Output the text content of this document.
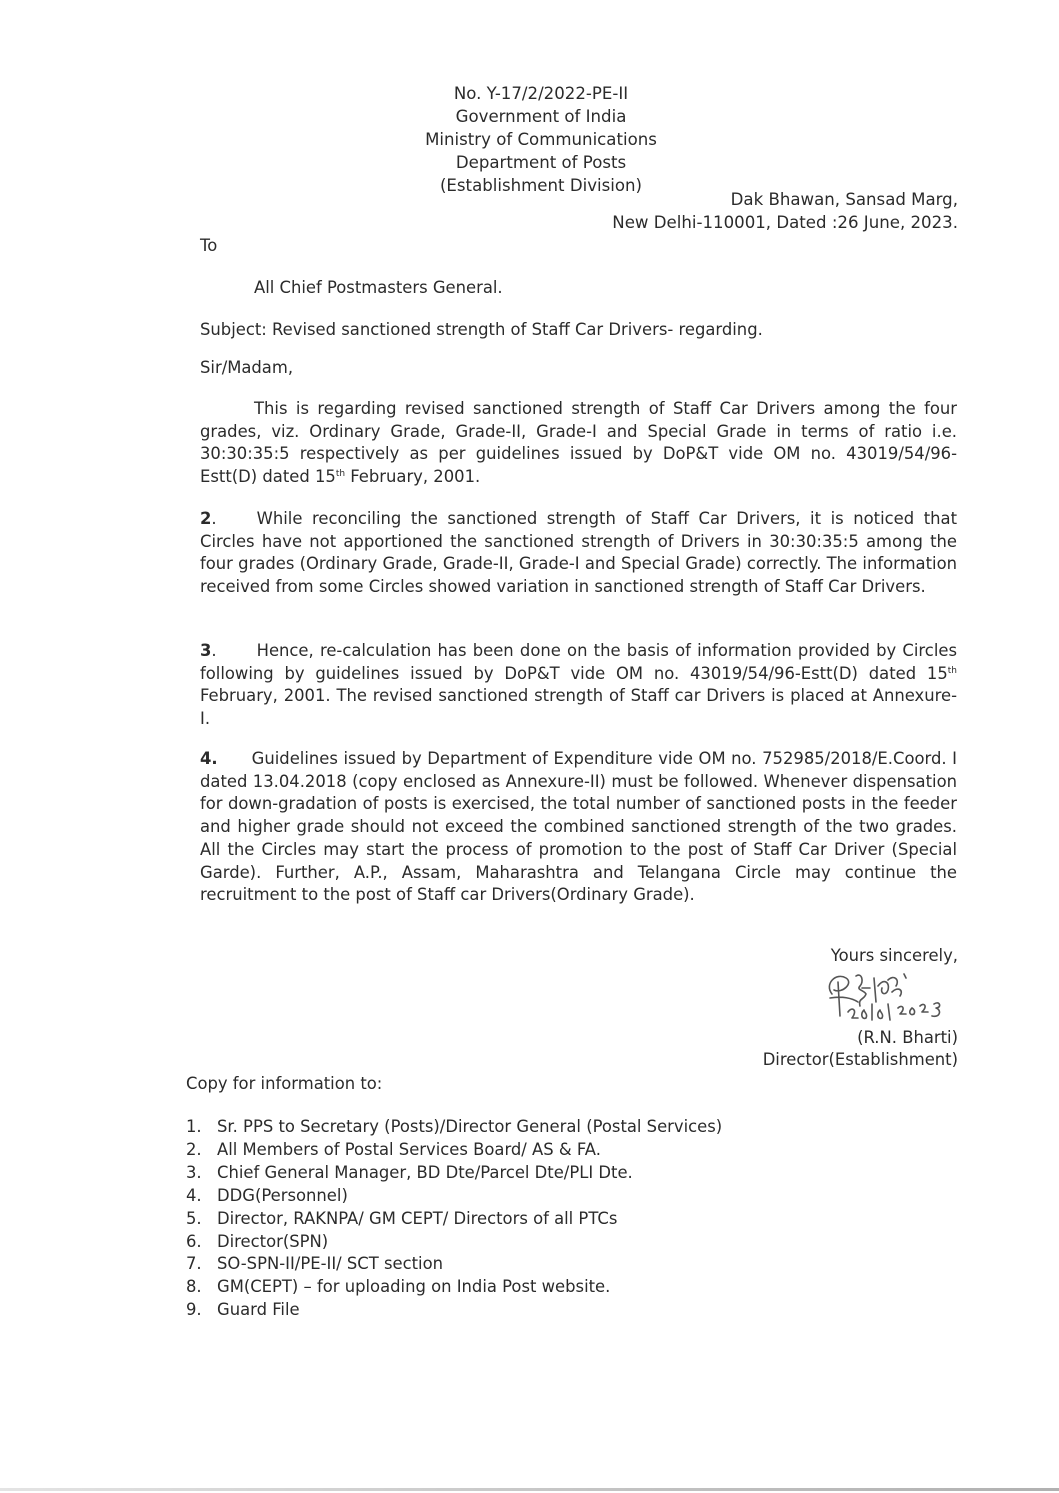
No. Y-17/2/2022-PE-II
Government of India
Ministry of Communications
Department of Posts
(Establishment Division)
Dak Bhawan, Sansad Marg,
New Delhi-110001, Dated :26 June, 2023.
To
All Chief Postmasters General.
Subject: Revised sanctioned strength of Staff Car Drivers- regarding.
Sir/Madam,
This is regarding revised sanctioned strength of Staff Car Drivers among the four grades, viz. Ordinary Grade, Grade-II, Grade-I and Special Grade in terms of ratio i.e. 30:30:35:5 respectively as per guidelines issued by DoP&T vide OM no. 43019/54/96-Estt(D) dated 15th February, 2001.
2. While reconciling the sanctioned strength of Staff Car Drivers, it is noticed that Circles have not apportioned the sanctioned strength of Drivers in 30:30:35:5 among the four grades (Ordinary Grade, Grade-II, Grade-I and Special Grade) correctly. The information received from some Circles showed variation in sanctioned strength of Staff Car Drivers.
3. Hence, re-calculation has been done on the basis of information provided by Circles following by guidelines issued by DoP&T vide OM no. 43019/54/96-Estt(D) dated 15th February, 2001. The revised sanctioned strength of Staff car Drivers is placed at Annexure-I.
4. Guidelines issued by Department of Expenditure vide OM no. 752985/2018/E.Coord. I dated 13.04.2018 (copy enclosed as Annexure-II) must be followed. Whenever dispensation for down-gradation of posts is exercised, the total number of sanctioned posts in the feeder and higher grade should not exceed the combined sanctioned strength of the two grades. All the Circles may start the process of promotion to the post of Staff Car Driver (Special Garde). Further, A.P., Assam, Maharashtra and Telangana Circle may continue the recruitment to the post of Staff car Drivers(Ordinary Grade).
Yours sincerely,
(R.N. Bharti)
Director(Establishment)
Copy for information to:
1. Sr. PPS to Secretary (Posts)/Director General (Postal Services)
2. All Members of Postal Services Board/ AS & FA.
3. Chief General Manager, BD Dte/Parcel Dte/PLI Dte.
4. DDG(Personnel)
5. Director, RAKNPA/ GM CEPT/ Directors of all PTCs
6. Director(SPN)
7. SO-SPN-II/PE-II/ SCT section
8. GM(CEPT) – for uploading on India Post website.
9. Guard File
